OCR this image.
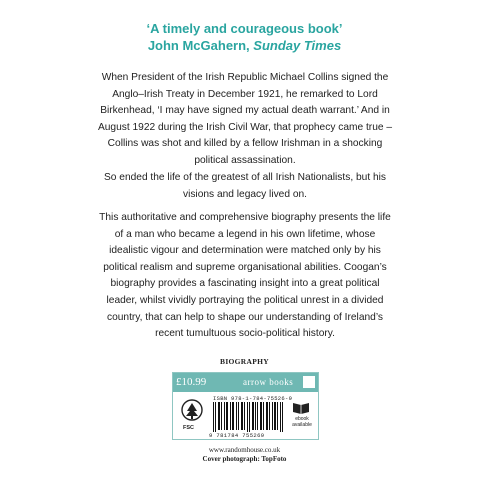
‘A timely and courageous book’
John McGahern, Sunday Times

When President of the Irish Republic Michael Collins signed the Anglo–Irish Treaty in December 1921, he remarked to Lord Birkenhead, ‘I may have signed my actual death warrant.’ And in August 1922 during the Irish Civil War, that prophecy came true – Collins was shot and killed by a fellow Irishman in a shocking political assassination.

So ended the life of the greatest of all Irish Nationalists, but his visions and legacy lived on.

This authoritative and comprehensive biography presents the life of a man who became a legend in his own lifetime, whose idealistic vigour and determination were matched only by his political realism and supreme organisational abilities. Coogan’s biography provides a fascinating insight into a great political leader, whilst vividly portraying the political unrest in a divided country, that can help to shape our understanding of Ireland’s recent tumultuous socio-political history.

BIOGRAPHY
£10.99	arrow books
FSC
ISBN 978-1-784-75526-9
9 781784 755269
ebook available
www.randomhouse.co.uk
Cover photograph: TopFoto
